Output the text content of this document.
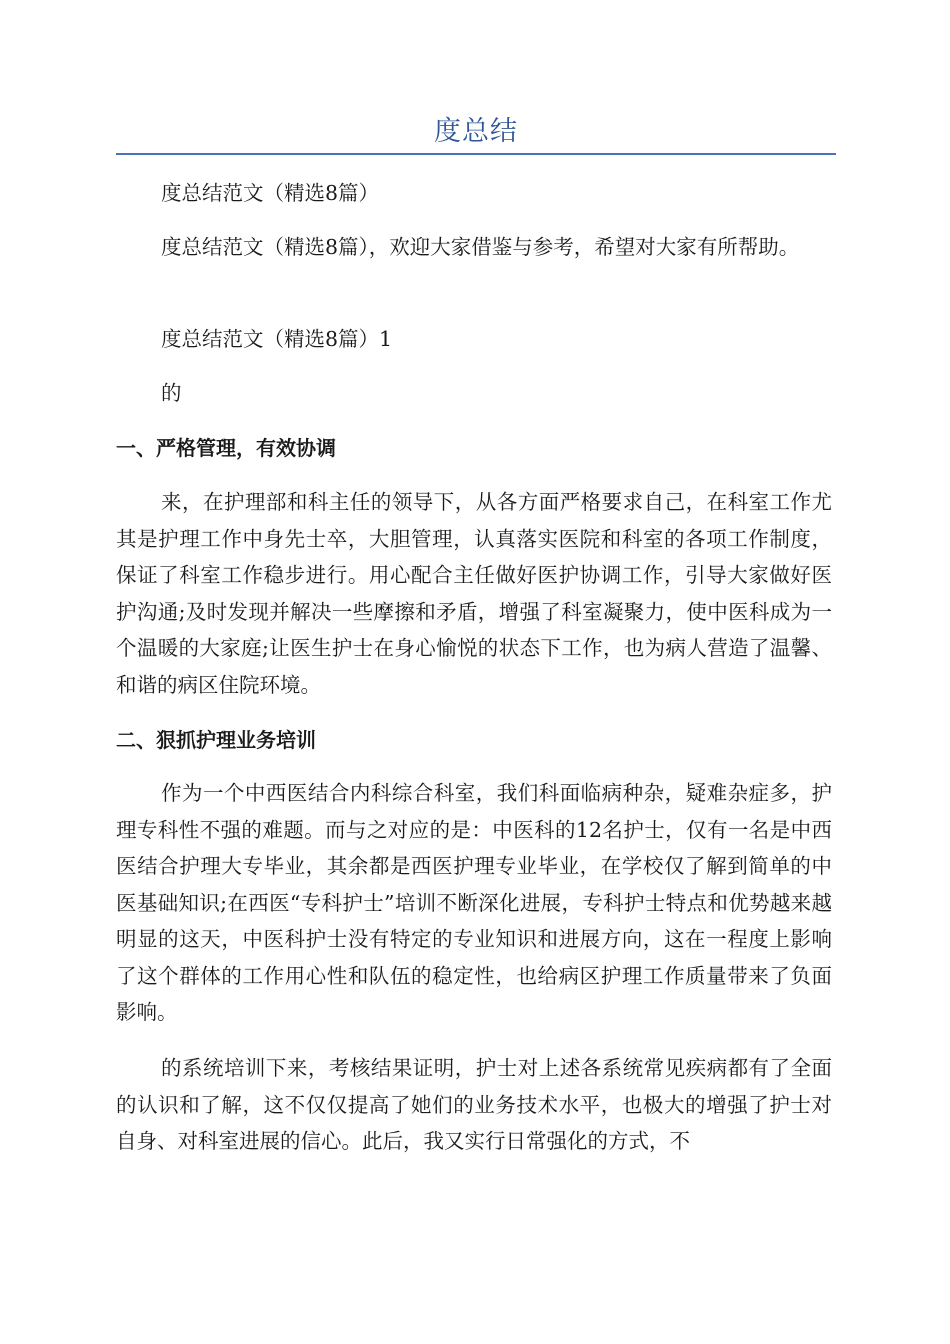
度总结

度总结范文（精选8篇）

度总结范文（精选8篇），欢迎大家借鉴与参考，希望对大家有所帮助。

度总结范文（精选8篇）1

的

一、严格管理，有效协调

来，在护理部和科主任的领导下，从各方面严格要求自己，在科室工作尤其是护理工作中身先士卒，大胆管理，认真落实医院和科室的各项工作制度，保证了科室工作稳步进行。用心配合主任做好医护协调工作，引导大家做好医护沟通;及时发现并解决一些摩擦和矛盾，增强了科室凝聚力，使中医科成为一个温暖的大家庭;让医生护士在身心愉悦的状态下工作，也为病人营造了温馨、和谐的病区住院环境。

二、狠抓护理业务培训

作为一个中西医结合内科综合科室，我们科面临病种杂，疑难杂症多，护理专科性不强的难题。而与之对应的是：中医科的12名护士，仅有一名是中西医结合护理大专毕业，其余都是西医护理专业毕业，在学校仅了解到简单的中医基础知识;在西医“专科护士”培训不断深化进展，专科护士特点和优势越来越明显的这天，中医科护士没有特定的专业知识和进展方向，这在一程度上影响了这个群体的工作用心性和队伍的稳定性，也给病区护理工作质量带来了负面影响。

的系统培训下来，考核结果证明，护士对上述各系统常见疾病都有了全面的认识和了解，这不仅仅提高了她们的业务技术水平，也极大的增强了护士对自身、对科室进展的信心。此后，我又实行日常强化的方式，不
